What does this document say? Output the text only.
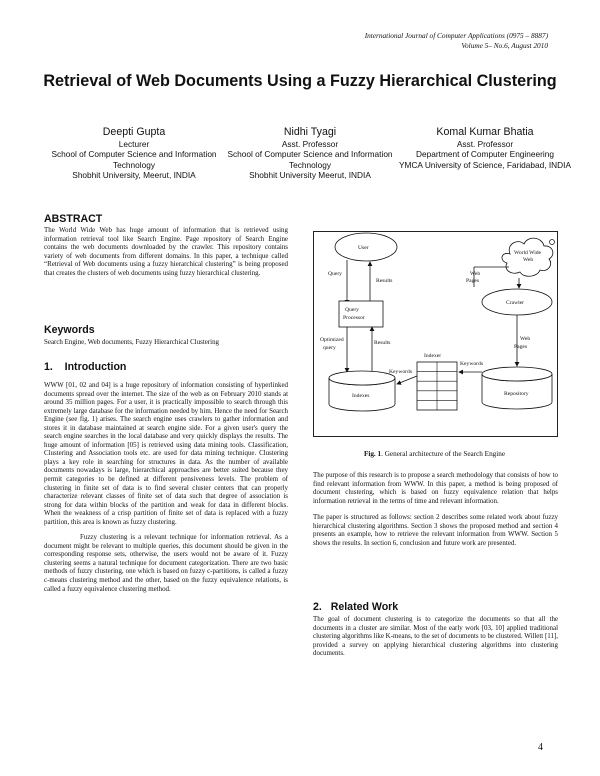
International Journal of Computer Applications (0975 – 8887)
Volume 5– No.6, August 2010
Retrieval of Web Documents Using a Fuzzy Hierarchical Clustering
Deepti Gupta
Lecturer
School of Computer Science and Information Technology
Shobhit University, Meerut, INDIA
Nidhi Tyagi
Asst. Professor
School of Computer Science and Information Technology
Shobhit University Meerut, INDIA
Komal Kumar Bhatia
Asst. Professor
Department of Computer Engineering
YMCA University of Science, Faridabad, INDIA
ABSTRACT
The World Wide Web has huge amount of information that is retrieved using information retrieval tool like Search Engine. Page repository of Search Engine contains the web documents downloaded by the crawler. This repository contains variety of web documents from different domains. In this paper, a technique called “Retrieval of Web documents using a fuzzy hierarchical clustering” is being proposed that creates the clusters of web documents using fuzzy hierarchical clustering.
Keywords
Search Engine, Web documents, Fuzzy Hierarchical Clustering
1. Introduction

WWW [01, 02 and 04] is a huge repository of information consisting of hyperlinked documents spread over the internet. The size of the web as on February 2010 stands at around 35 million pages. For a user, it is practically impossible to search through this extremely large database for the information needed by him. Hence the need for Search Engine (see fig. 1) arises. The search engine uses crawlers to gather information and stores it in database maintained at search engine side. For a given user's query the search engine searches in the local database and very quickly displays the results. The huge amount of information [05] is retrieved using data mining tools. Classification, Clustering and Association tools etc. are used for data mining technique. Clustering plays a key role in searching for structures in data. As the number of available documents nowadays is large, hierarchical approaches are better suited because they permit categories to be defined at different pensiveness levels. The problem of clustering in finite set of data is to find several cluster centers that can properly characterize relevant classes of finite set of data such that degree of association is strong for data within blocks of the partition and weak for data in different blocks. When the weakness of a crisp partition of finite set of data is replaced with a fuzzy partition, this area is known as fuzzy clustering.

Fuzzy clustering is a relevant technique for information retrieval. As a document might be relevant to multiple queries, this document should be given in the corresponding response sets, otherwise, the users would not be aware of it. Fuzzy clustering seems a natural technique for document categorization. There are two basic methods of fuzzy clustering, one which is based on fuzzy c-partitions, is called a fuzzy c-means clustering method and the other, based on the fuzzy equivalence relations, is called a fuzzy equivalence clustering method.

User
World Wide
Web
Query
Results
Query
Processor
Web
Pages
Crawler
Web
Pages
Optimized
query
Results
Indexes
Indexer
Keywords
Keywords
Repository
Fig. 1. General architecture of the Search Engine

The purpose of this research is to propose a search methodology that consists of how to find relevant information from WWW. In this paper, a method is being proposed of document clustering, which is based on fuzzy equivalence relation that helps information retrieval in the terms of time and relevant information.

The paper is structured as follows: section 2 describes some related work about fuzzy hierarchical clustering algorithms. Section 3 shows the proposed method and section 4 presents an example, how to retrieve the relevant information from WWW. Section 5 shows the results. In section 6, conclusion and future work are presented.

2. Related Work
The goal of document clustering is to categorize the documents so that all the documents in a cluster are similar. Most of the early work [03, 10] applied traditional clustering algorithms like K-means, to the set of documents to be clustered. Willett [11], provided a survey on applying hierarchical clustering algorithms into clustering documents.
4
